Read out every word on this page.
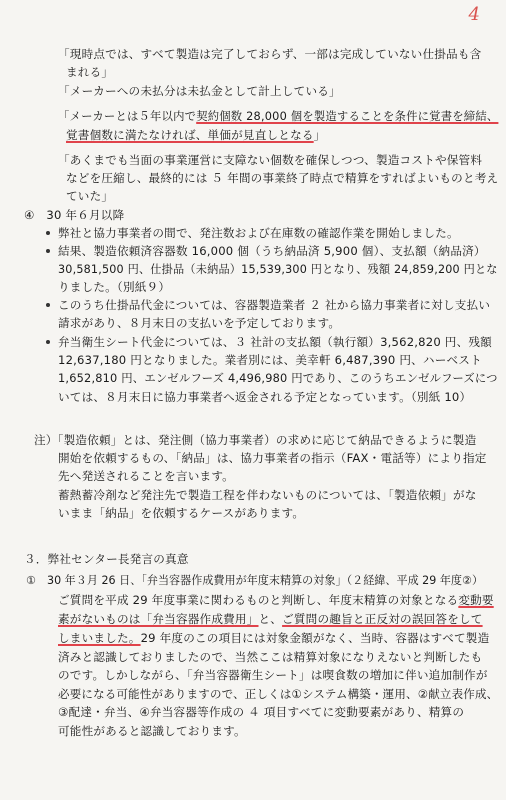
4
「現時点では、すべて製造は完了しておらず、一部は完成していない仕掛品も含
まれる」
「メーカーへの未払分は未払金として計上している」
「メーカーとは５年以内で契約個数 28,000 個を製造することを条件に覚書を締結、
覚書個数に満たなければ、単価が見直しとなる」
「あくまでも当面の事業運営に支障ない個数を確保しつつ、製造コストや保管料
などを圧縮し、最終的には ５ 年間の事業終了時点で精算をすればよいものと考え
ていた」
④　30 年６月以降
弊社と協力事業者の間で、発注数および在庫数の確認作業を開始しました。
結果、製造依頼済容器数 16,000 個（うち納品済 5,900 個）、支払額（納品済）
30,581,500 円、仕掛品（未納品）15,539,300 円となり、残額 24,859,200 円とな
りました。（別紙９）
このうち仕掛品代金については、容器製造業者 ２ 社から協力事業者に対し支払い
請求があり、８月末日の支払いを予定しております。
弁当衛生シート代金については、３ 社計の支払額（執行額）3,562,820 円、残額
12,637,180 円となりました。業者別には、美幸軒 6,487,390 円、ハーベスト
1,652,810 円、エンゼルフーズ 4,496,980 円であり、このうちエンゼルフーズにつ
いては、８月末日に協力事業者へ返金される予定となっています。（別紙 10）
注）「製造依頼」とは、発注側（協力事業者）の求めに応じて納品できるように製造
開始を依頼するもの、「納品」は、協力事業者の指示（FAX・電話等）により指定
先へ発送されることを言います。
蓄熱蓄冷剤など発注先で製造工程を伴わないものについては、「製造依頼」がな
いまま「納品」を依頼するケースがあります。
３．弊社センター長発言の真意
①　30 年３月 26 日、「弁当容器作成費用が年度末精算の対象」（２経緯、平成 29 年度②）
ご質問を平成 29 年度事業に関わるものと判断し、年度末精算の対象となる変動要
素がないものは「弁当容器作成費用」と、ご質問の趣旨と正反対の誤回答をして
しまいました。29 年度のこの項目には対象金額がなく、当時、容器はすべて製造
済みと認識しておりましたので、当然ここは精算対象になりえないと判断したも
のです。しかしながら、「弁当容器衛生シート」は喫食数の増加に伴い追加制作が
必要になる可能性がありますので、正しくは①システム構築・運用、②献立表作成、
③配達・弁当、④弁当容器等作成の ４ 項目すべてに変動要素があり、精算の
可能性があると認識しております。
